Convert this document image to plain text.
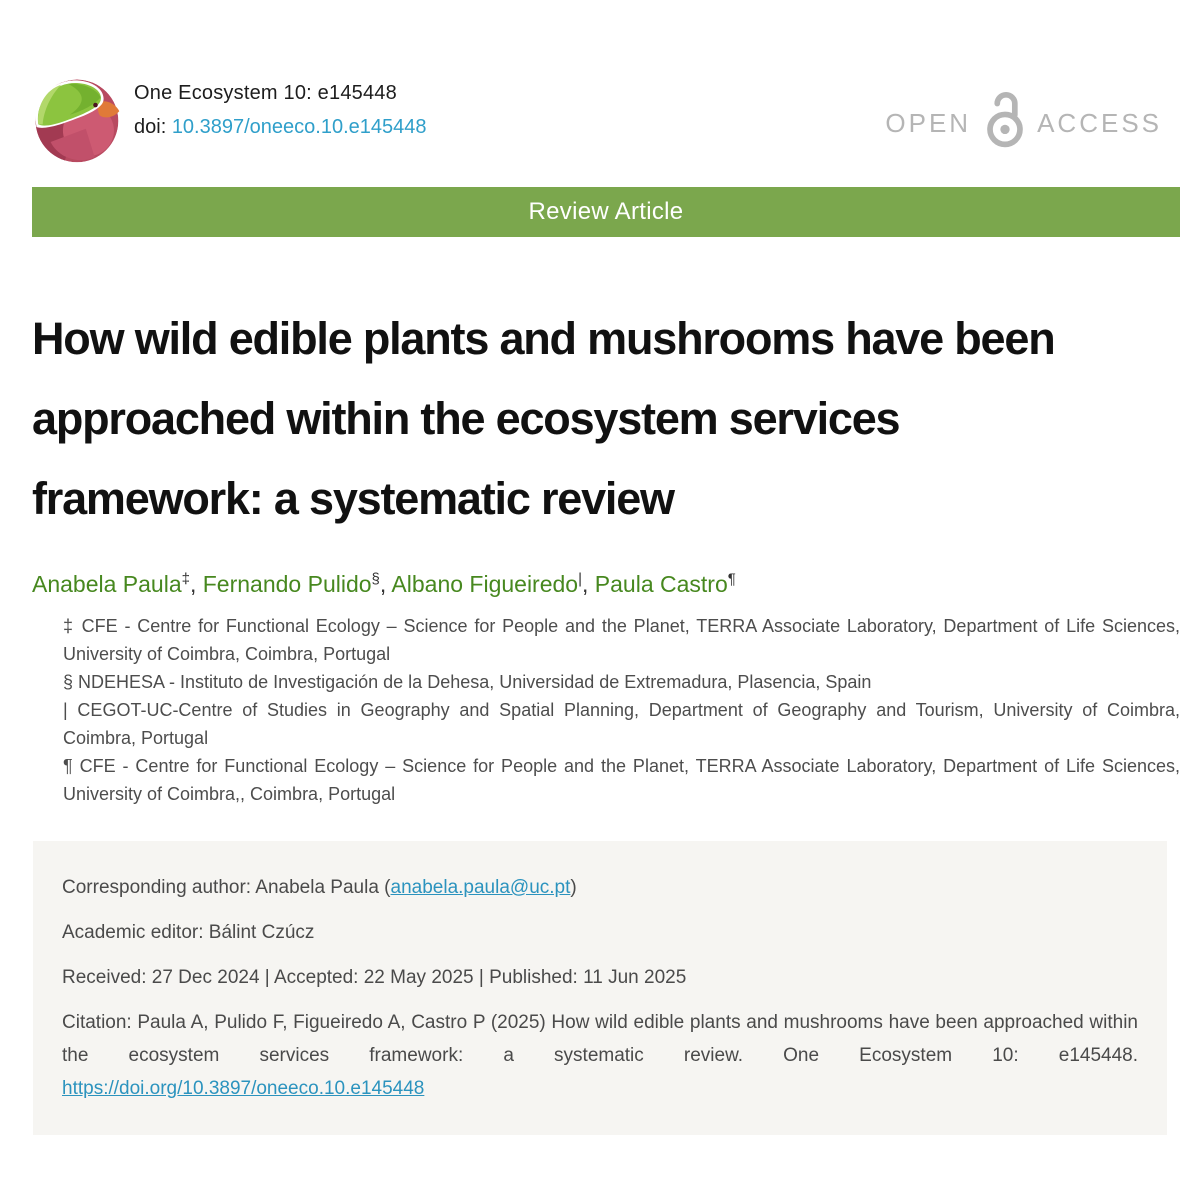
One Ecosystem 10: e145448
doi: 10.3897/oneeco.10.e145448	OPEN	ACCESS
Review Article
How wild edible plants and mushrooms have been
approached within the ecosystem services
framework: a systematic review

Anabela Paula‡, Fernando Pulido§, Albano Figueiredo|, Paula Castro¶

‡ CFE - Centre for Functional Ecology – Science for People and the Planet, TERRA Associate Laboratory, Department of Life Sciences, University of Coimbra, Coimbra, Portugal

§ NDEHESA - Instituto de Investigación de la Dehesa, Universidad de Extremadura, Plasencia, Spain

| CEGOT-UC-Centre of Studies in Geography and Spatial Planning, Department of Geography and Tourism, University of Coimbra, Coimbra, Portugal

¶ CFE - Centre for Functional Ecology – Science for People and the Planet, TERRA Associate Laboratory, Department of Life Sciences, University of Coimbra,, Coimbra, Portugal

Corresponding author: Anabela Paula (anabela.paula@uc.pt)

Academic editor: Bálint Czúcz

Received: 27 Dec 2024 | Accepted: 22 May 2025 | Published: 11 Jun 2025

Citation: Paula A, Pulido F, Figueiredo A, Castro P (2025) How wild edible plants and mushrooms have been approached within the ecosystem services framework: a systematic review. One Ecosystem 10: e145448. https://doi.org/10.3897/oneeco.10.e145448
